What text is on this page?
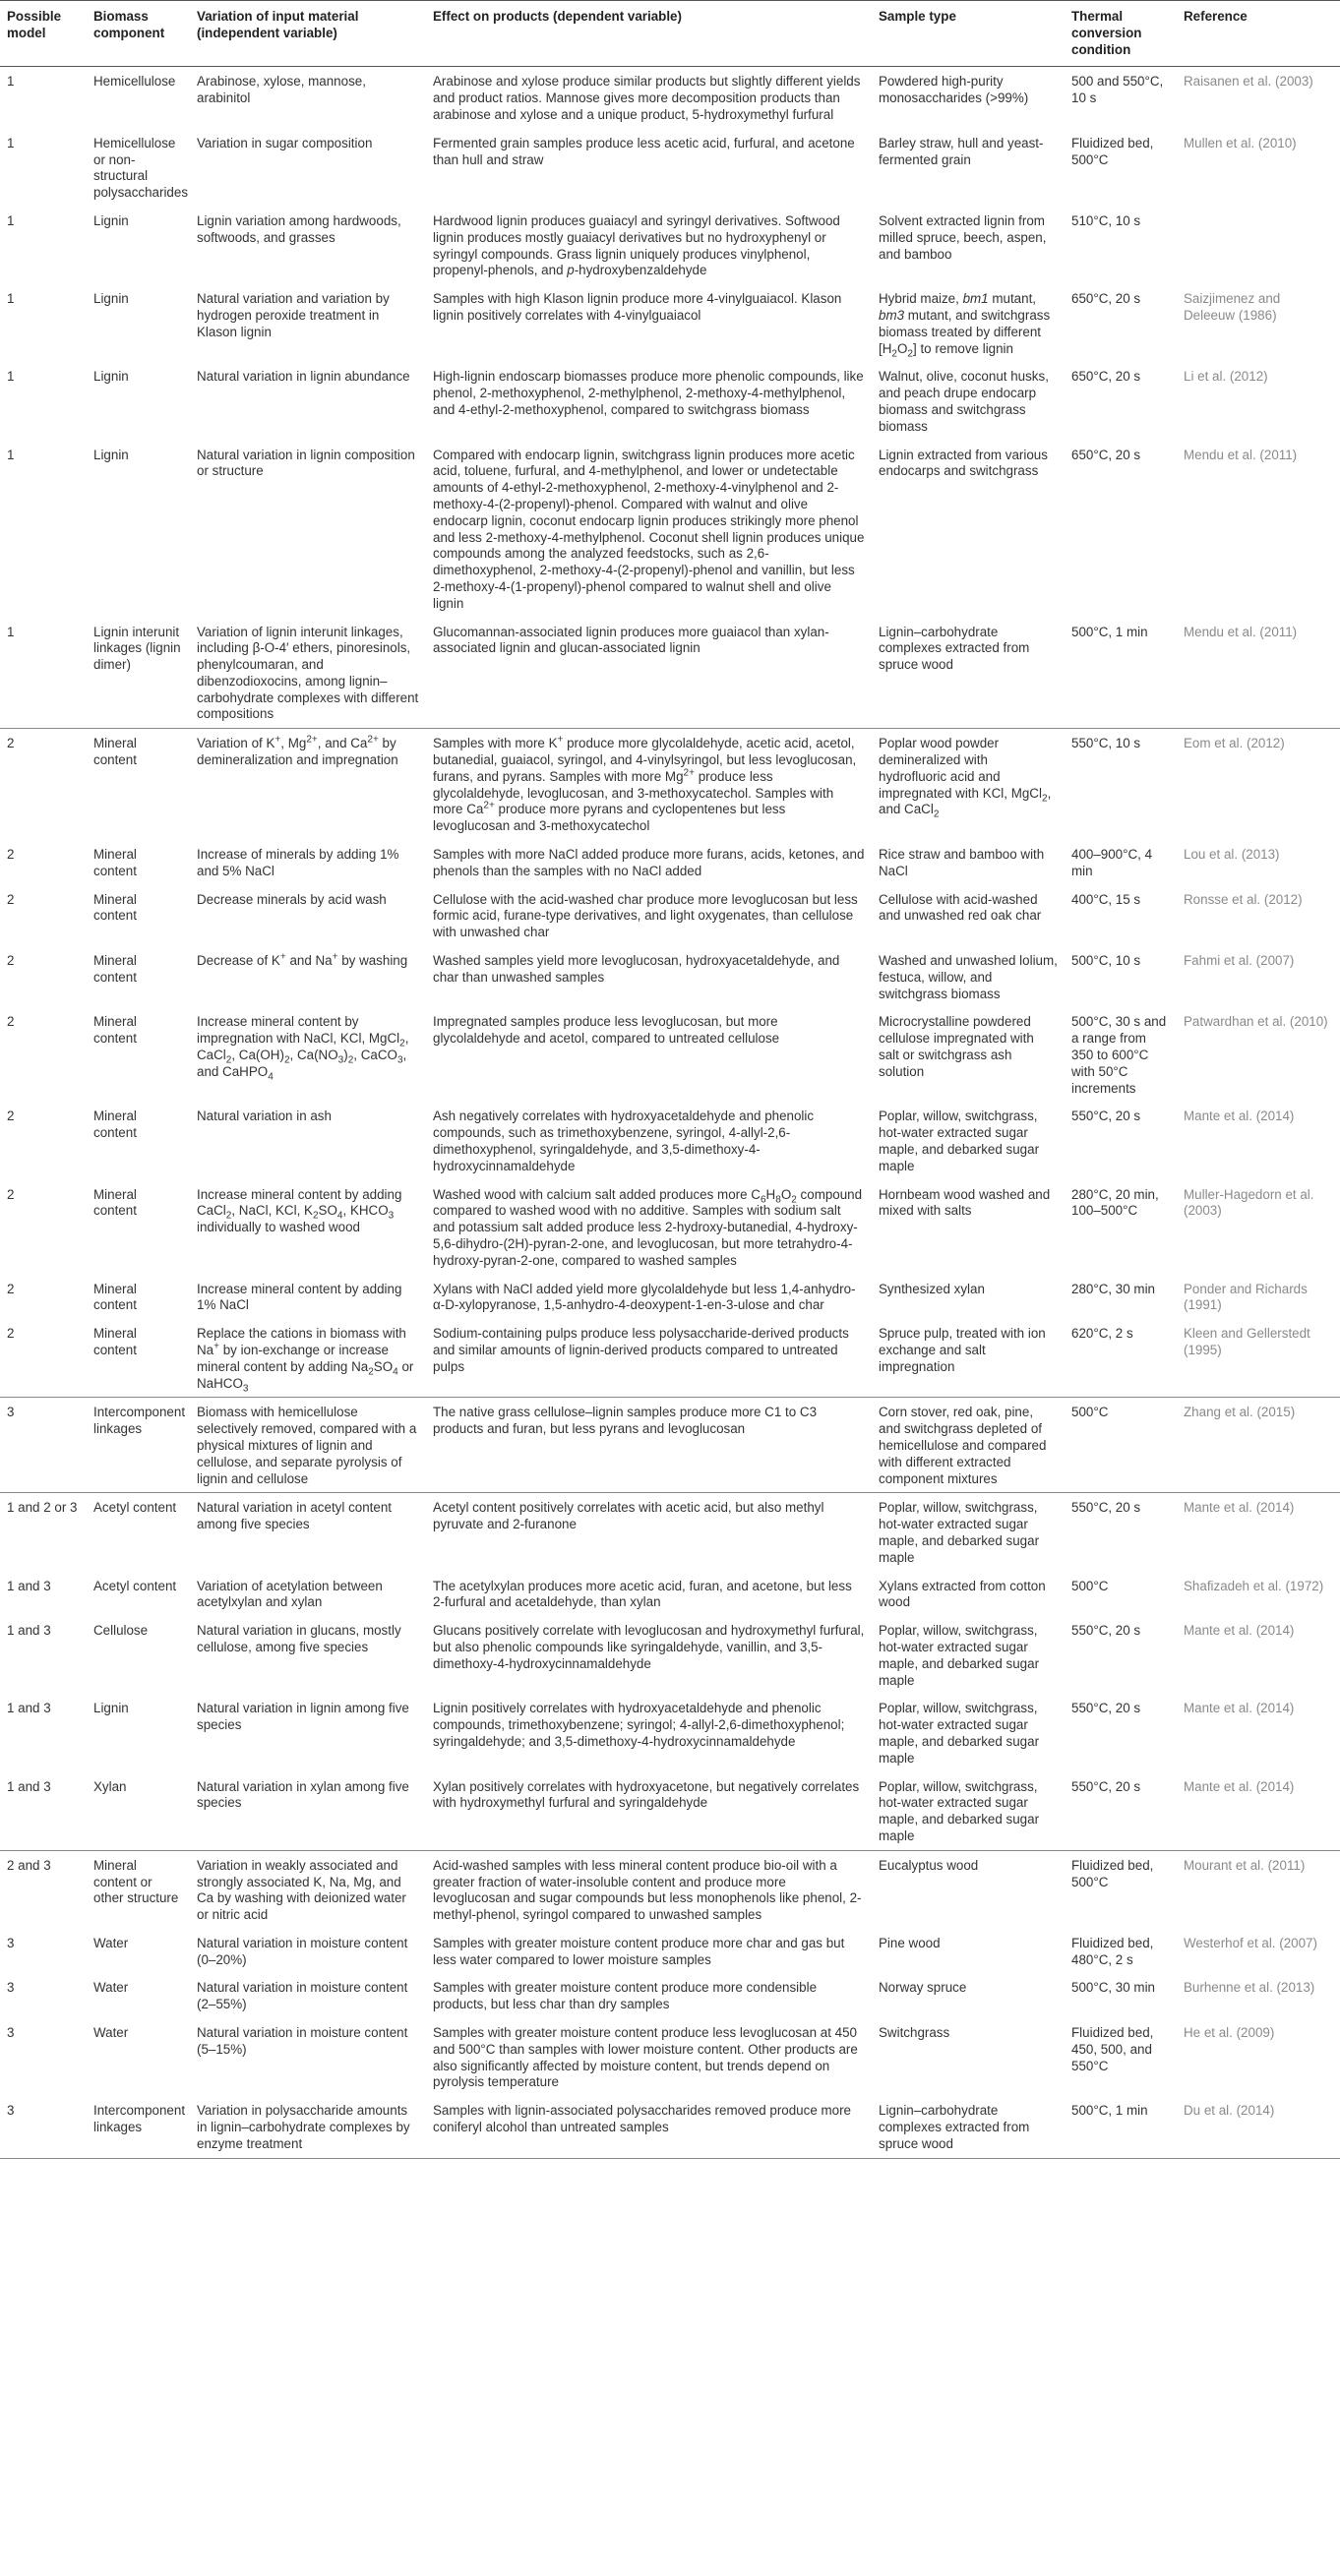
Possible model	Biomass component	Variation of input material (independent variable)	Effect on products (dependent variable)	Sample type	Thermal conversion condition	Reference
1	Hemicellulose	Arabinose, xylose, mannose, arabinitol	Arabinose and xylose produce similar products but slightly different yields and product ratios. Mannose gives more decomposition products than arabinose and xylose and a unique product, 5-hydroxymethyl furfural	Powdered high-purity monosaccharides (>99%)	500 and 550°C, 10 s	Raisanen et al. (2003)
1	Hemicellulose or non-structural polysaccharides	Variation in sugar composition	Fermented grain samples produce less acetic acid, furfural, and acetone than hull and straw	Barley straw, hull and yeast-fermented grain	Fluidized bed, 500°C	Mullen et al. (2010)
1	Lignin	Lignin variation among hardwoods, softwoods, and grasses	Hardwood lignin produces guaiacyl and syringyl derivatives. Softwood lignin produces mostly guaiacyl derivatives but no hydroxyphenyl or syringyl compounds. Grass lignin uniquely produces vinylphenol, propenyl-phenols, and p-hydroxybenzaldehyde	Solvent extracted lignin from milled spruce, beech, aspen, and bamboo	510°C, 10 s	
1	Lignin	Natural variation and variation by hydrogen peroxide treatment in Klason lignin	Samples with high Klason lignin produce more 4-vinylguaiacol. Klason lignin positively correlates with 4-vinylguaiacol	Hybrid maize, bm1 mutant, bm3 mutant, and switchgrass biomass treated by different $[H_2O_2]$ to remove lignin	650°C, 20 s	Saizjimenez and Deleeuw (1986)
1	Lignin	Natural variation in lignin abundance	High-lignin endoscarp biomasses produce more phenolic compounds, like phenol, 2-methoxyphenol, 2-methylphenol, 2-methoxy-4-methylphenol, and 4-ethyl-2-methoxyphenol, compared to switchgrass biomass	Walnut, olive, coconut husks, and peach drupe endocarp biomass and switchgrass biomass	650°C, 20 s	Li et al. (2012)
1	Lignin	Natural variation in lignin composition or structure	Compared with endocarp lignin, switchgrass lignin produces more acetic acid, toluene, furfural, and 4-methylphenol, and lower or undetectable amounts of 4-ethyl-2-methoxyphenol, 2-methoxy-4-vinylphenol and 2-methoxy-4-(2-propenyl)-phenol. Compared with walnut and olive endocarp lignin, coconut endocarp lignin produces strikingly more phenol and less 2-methoxy-4-methylphenol. Coconut shell lignin produces unique compounds among the analyzed feedstocks, such as 2,6-dimethoxyphenol, 2-methoxy-4-(2-propenyl)-phenol and vanillin, but less 2-methoxy-4-(1-propenyl)-phenol compared to walnut shell and olive lignin	Lignin extracted from various endocarps and switchgrass	650°C, 20 s	Mendu et al. (2011)
1	Lignin interunit linkages (lignin dimer)	Variation of lignin interunit linkages, including β-O-4′ ethers, pinoresinols, phenylcoumaran, and dibenzodioxocins, among lignin–carbohydrate complexes with different compositions	Glucomannan-associated lignin produces more guaiacol than xylan-associated lignin and glucan-associated lignin	Lignin–carbohydrate complexes extracted from spruce wood	500°C, 1 min	Mendu et al. (2011)
2	Mineral content	Variation of K+, $Mg^{2+}$, and $Ca^{2+}$ by demineralization and impregnation	Samples with more K+ produce more glycolaldehyde, acetic acid, acetol, butanedial, guaiacol, syringol, and 4-vinylsyringol, but less levoglucosan, furans, and pyrans. Samples with more $Mg^{2+}$ produce less glycolaldehyde, levoglucosan, and 3-methoxycatechol. Samples with more $Ca^{2+}$ produce more pyrans and cyclopentenes but less levoglucosan and 3-methoxycatechol	Poplar wood powder demineralized with hydrofluoric acid and impregnated with KCl, MgCl$_2$, and CaCl$_2$	550°C, 10 s	Eom et al. (2012)
2	Mineral content	Increase of minerals by adding 1% and 5% NaCl	Samples with more NaCl added produce more furans, acids, ketones, and phenols than the samples with no NaCl added	Rice straw and bamboo with NaCl	400–900°C, 4 min	Lou et al. (2013)
2	Mineral content	Decrease minerals by acid wash	Cellulose with the acid-washed char produce more levoglucosan but less formic acid, furane-type derivatives, and light oxygenates, than cellulose with unwashed char	Cellulose with acid-washed and unwashed red oak char	400°C, 15 s	Ronsse et al. (2012)
2	Mineral content	Decrease of K+ and Na+ by washing	Washed samples yield more levoglucosan, hydroxyacetaldehyde, and char than unwashed samples	Washed and unwashed lolium, festuca, willow, and switchgrass biomass	500°C, 10 s	Fahmi et al. (2007)
2	Mineral content	Increase mineral content by impregnation with NaCl, KCl, MgCl$_2$, CaCl$_2$, $Ca(OH)_2$, $Ca(NO_3)_2$, CaCO$_3$, and CaHPO$_4$	Impregnated samples produce less levoglucosan, but more glycolaldehyde and acetol, compared to untreated cellulose	Microcrystalline powdered cellulose impregnated with salt or switchgrass ash solution	500°C, 30 s and a range from 350 to 600°C with 50°C increments	Patwardhan et al. (2010)
2	Mineral content	Natural variation in ash	Ash negatively correlates with hydroxyacetaldehyde and phenolic compounds, such as trimethoxybenzene, syringol, 4-allyl-2,6-dimethoxyphenol, syringaldehyde, and 3,5-dimethoxy-4-hydroxycinnamaldehyde	Poplar, willow, switchgrass, hot-water extracted sugar maple, and debarked sugar maple	550°C, 20 s	Mante et al. (2014)
2	Mineral content	Increase mineral content by adding CaCl$_2$, NaCl, KCl, $K_2SO_4$, $KHCO_3$ individually to washed wood	Washed wood with calcium salt added produces more $C_6H_8O_2$ compound compared to washed wood with no additive. Samples with sodium salt and potassium salt added produce less 2-hydroxy-butanedial, 4-hydroxy-5,6-dihydro-(2H)-pyran-2-one, and levoglucosan, but more tetrahydro-4-hydroxy-pyran-2-one, compared to washed samples	Hornbeam wood washed and mixed with salts	280°C, 20 min, 100–500°C	Muller-Hagedorn et al. (2003)
2	Mineral content	Increase mineral content by adding 1% NaCl	Xylans with NaCl added yield more glycolaldehyde but less 1,4-anhydro-α-D-xylopyranose, 1,5-anhydro-4-deoxypent-1-en-3-ulose and char	Synthesized xylan	280°C, 30 min	Ponder and Richards (1991)
2	Mineral content	Replace the cations in biomass with Na+ by ion-exchange or increase mineral content by adding $Na_2SO_4$ or NaHCO$_3$	Sodium-containing pulps produce less polysaccharide-derived products and similar amounts of lignin-derived products compared to untreated pulps	Spruce pulp, treated with ion exchange and salt impregnation	620°C, 2 s	Kleen and Gellerstedt (1995)
3	Intercomponent linkages	Biomass with hemicellulose selectively removed, compared with a physical mixtures of lignin and cellulose, and separate pyrolysis of lignin and cellulose	The native grass cellulose–lignin samples produce more C1 to C3 products and furan, but less pyrans and levoglucosan	Corn stover, red oak, pine, and switchgrass depleted of hemicellulose and compared with different extracted component mixtures	500°C	Zhang et al. (2015)
1 and 2 or 3	Acetyl content	Natural variation in acetyl content among five species	Acetyl content positively correlates with acetic acid, but also methyl pyruvate and 2-furanone	Poplar, willow, switchgrass, hot-water extracted sugar maple, and debarked sugar maple	550°C, 20 s	Mante et al. (2014)
1 and 3	Acetyl content	Variation of acetylation between acetylxylan and xylan	The acetylxylan produces more acetic acid, furan, and acetone, but less 2-furfural and acetaldehyde, than xylan	Xylans extracted from cotton wood	500°C	Shafizadeh et al. (1972)
1 and 3	Cellulose	Natural variation in glucans, mostly cellulose, among five species	Glucans positively correlate with levoglucosan and hydroxymethyl furfural, but also phenolic compounds like syringaldehyde, vanillin, and 3,5-dimethoxy-4-hydroxycinnamaldehyde	Poplar, willow, switchgrass, hot-water extracted sugar maple, and debarked sugar maple	550°C, 20 s	Mante et al. (2014)
1 and 3	Lignin	Natural variation in lignin among five species	Lignin positively correlates with hydroxyacetaldehyde and phenolic compounds, trimethoxybenzene; syringol; 4-allyl-2,6-dimethoxyphenol; syringaldehyde; and 3,5-dimethoxy-4-hydroxycinnamaldehyde	Poplar, willow, switchgrass, hot-water extracted sugar maple, and debarked sugar maple	550°C, 20 s	Mante et al. (2014)
1 and 3	Xylan	Natural variation in xylan among five species	Xylan positively correlates with hydroxyacetone, but negatively correlates with hydroxymethyl furfural and syringaldehyde	Poplar, willow, switchgrass, hot-water extracted sugar maple, and debarked sugar maple	550°C, 20 s	Mante et al. (2014)
2 and 3	Mineral content or other structure	Variation in weakly associated and strongly associated K, Na, Mg, and Ca by washing with deionized water or nitric acid	Acid-washed samples with less mineral content produce bio-oil with a greater fraction of water-insoluble content and produce more levoglucosan and sugar compounds but less monophenols like phenol, 2-methyl-phenol, syringol compared to unwashed samples	Eucalyptus wood	Fluidized bed, 500°C	Mourant et al. (2011)
3	Water	Natural variation in moisture content (0–20%)	Samples with greater moisture content produce more char and gas but less water compared to lower moisture samples	Pine wood	Fluidized bed, 480°C, 2 s	Westerhof et al. (2007)
3	Water	Natural variation in moisture content (2–55%)	Samples with greater moisture content produce more condensible products, but less char than dry samples	Norway spruce	500°C, 30 min	Burhenne et al. (2013)
3	Water	Natural variation in moisture content (5–15%)	Samples with greater moisture content produce less levoglucosan at 450 and 500°C than samples with lower moisture content. Other products are also significantly affected by moisture content, but trends depend on pyrolysis temperature	Switchgrass	Fluidized bed, 450, 500, and 550°C	He et al. (2009)
3	Intercomponent linkages	Variation in polysaccharide amounts in lignin–carbohydrate complexes by enzyme treatment	Samples with lignin-associated polysaccharides removed produce more coniferyl alcohol than untreated samples	Lignin–carbohydrate complexes extracted from spruce wood	500°C, 1 min	Du et al. (2014)
